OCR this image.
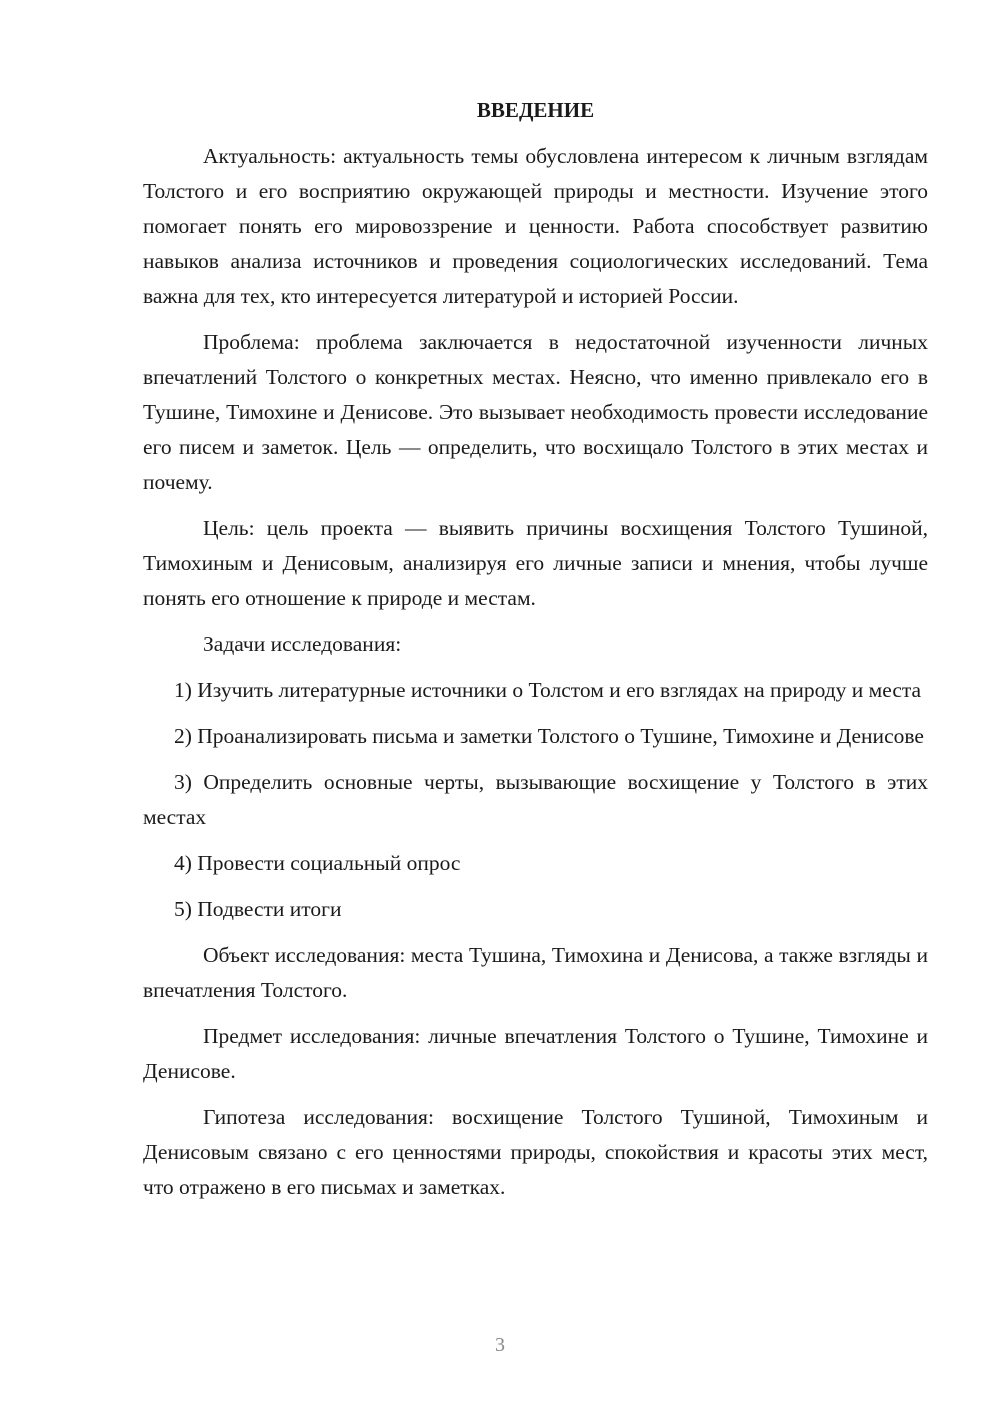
ВВЕДЕНИЕ

Актуальность: актуальность темы обусловлена интересом к личным взглядам Толстого и его восприятию окружающей природы и местности. Изучение этого помогает понять его мировоззрение и ценности. Работа способствует развитию навыков анализа источников и проведения социологических исследований. Тема важна для тех, кто интересуется литературой и историей России.

Проблема: проблема заключается в недостаточной изученности личных впечатлений Толстого о конкретных местах. Неясно, что именно привлекало его в Тушине, Тимохине и Денисове. Это вызывает необходимость провести исследование его писем и заметок. Цель — определить, что восхищало Толстого в этих местах и почему.

Цель: цель проекта — выявить причины восхищения Толстого Тушиной, Тимохиным и Денисовым, анализируя его личные записи и мнения, чтобы лучше понять его отношение к природе и местам.

Задачи исследования:

1) Изучить литературные источники о Толстом и его взглядах на природу и места

2) Проанализировать письма и заметки Толстого о Тушине, Тимохине и Денисове

3) Определить основные черты, вызывающие восхищение у Толстого в этих местах

4) Провести социальный опрос

5) Подвести итоги

Объект исследования: места Тушина, Тимохина и Денисова, а также взгляды и впечатления Толстого.

Предмет исследования: личные впечатления Толстого о Тушине, Тимохине и Денисове.

Гипотеза исследования: восхищение Толстого Тушиной, Тимохиным и Денисовым связано с его ценностями природы, спокойствия и красоты этих мест, что отражено в его письмах и заметках.

3
